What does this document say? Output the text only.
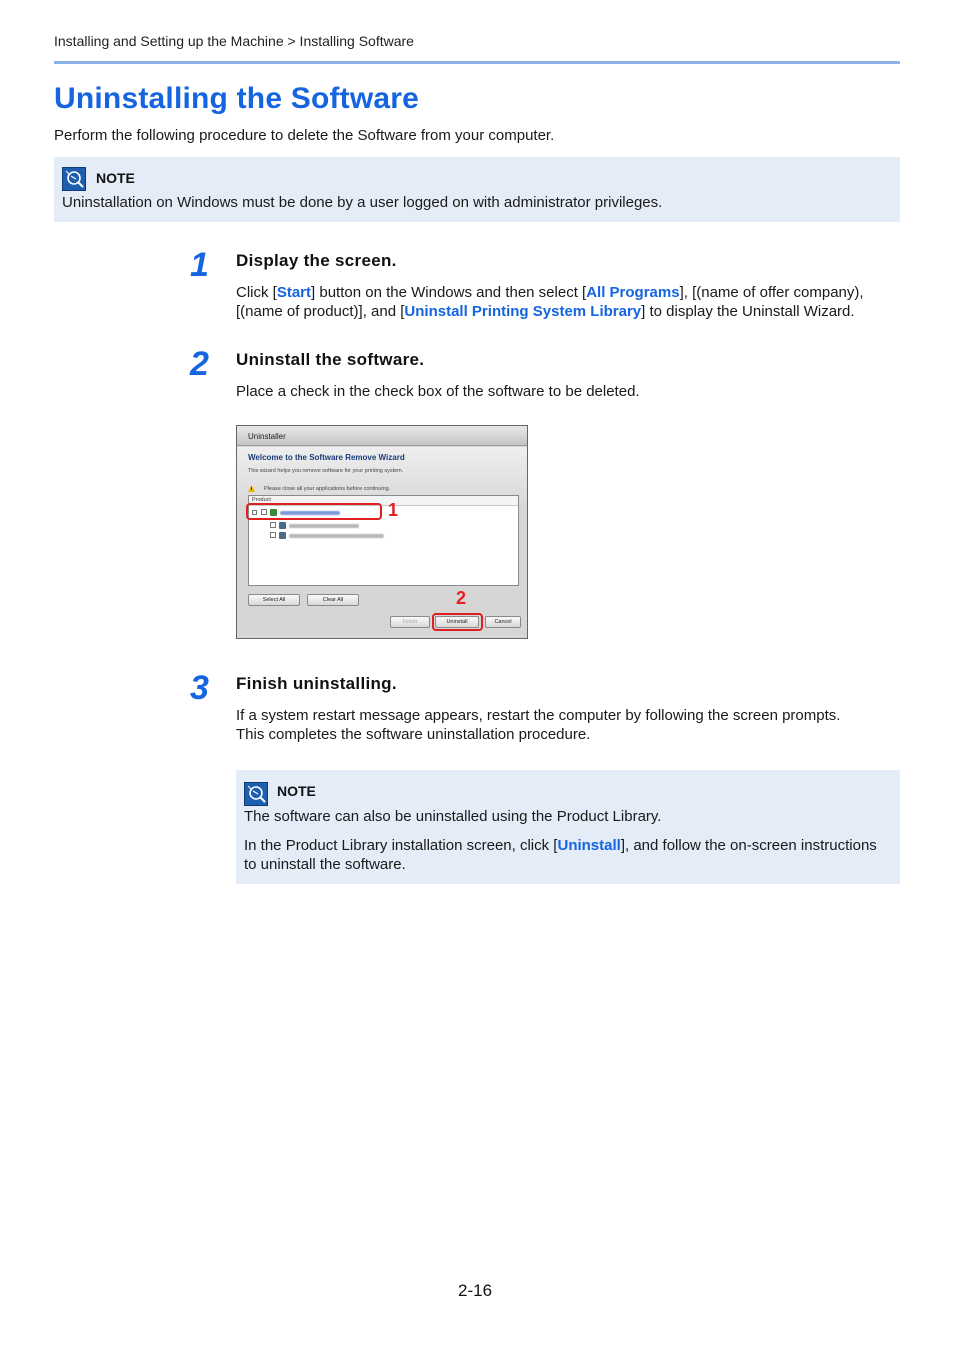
Installing and Setting up the Machine > Installing Software
Uninstalling the Software

Perform the following procedure to delete the Software from your computer.

NOTE
Uninstallation on Windows must be done by a user logged on with administrator privileges.
1 Display the screen.
Click [Start] button on the Windows and then select [All Programs], [(name of offer company), [(name of product)], and [Uninstall Printing System Library] to display the Uninstall Wizard.
2 Uninstall the software.
Place a check in the check box of the software to be deleted.
Uninstaller
Welcome to the Software Remove Wizard
This wizard helps you remove software for your printing system.
Please close all your applications before continuing.
Product
Select All	Clear All
Finish	Uninstall	Cancel
1
2
3 Finish uninstalling.
If a system restart message appears, restart the computer by following the screen prompts.
This completes the software uninstallation procedure.
NOTE
The software can also be uninstalled using the Product Library.
In the Product Library installation screen, click [Uninstall], and follow the on-screen instructions to uninstall the software.
2-16
